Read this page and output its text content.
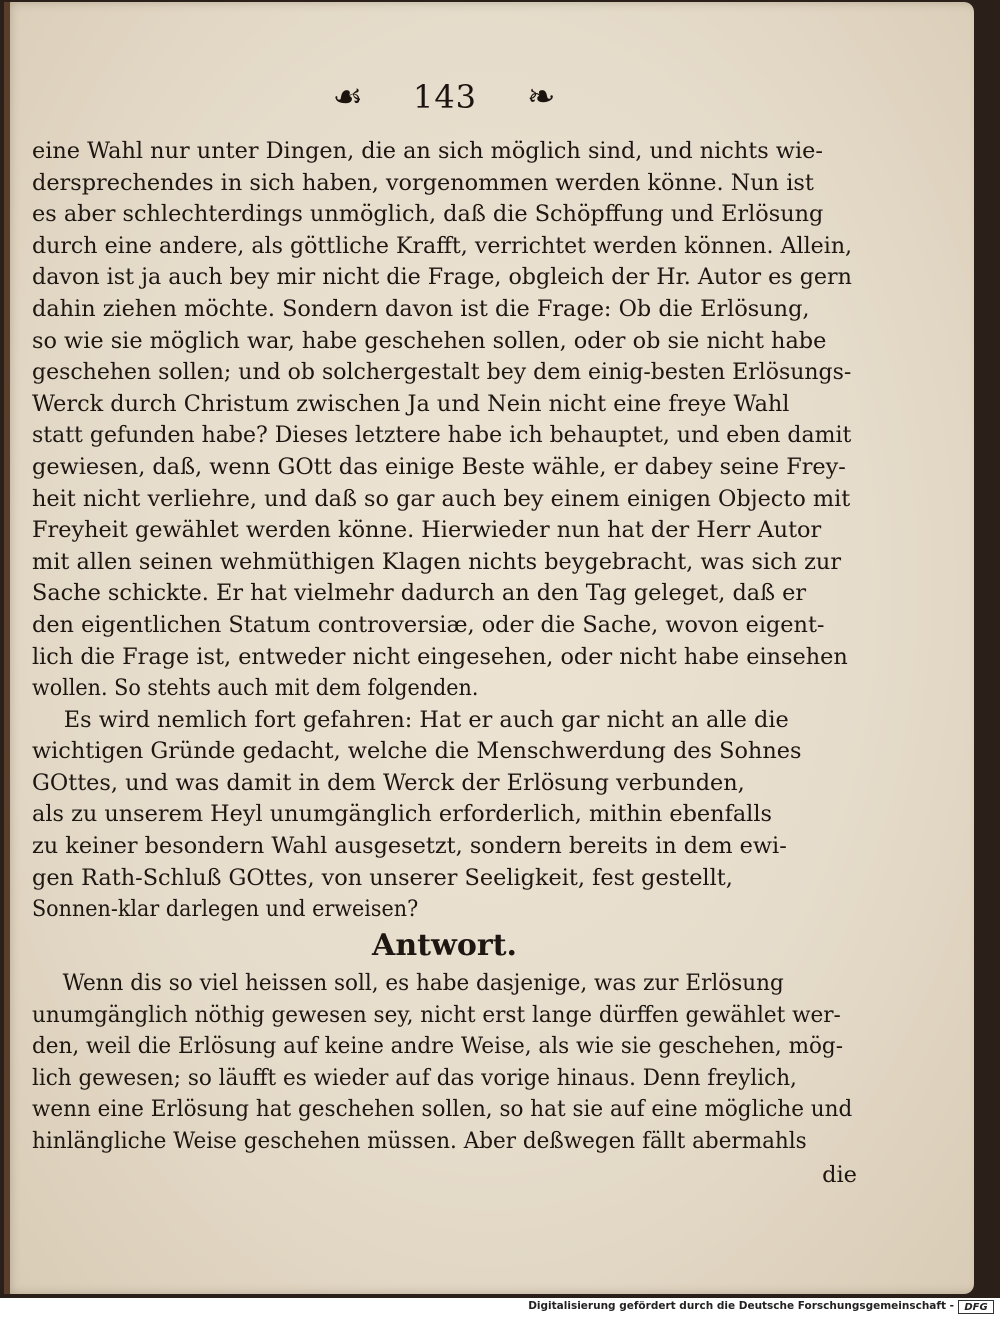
☙ 143 ❧
eine Wahl nur unter Dingen, die an sich möglich sind, und nichts wie-
dersprechendes in sich haben, vorgenommen werden könne. Nun ist
es aber schlechterdings unmöglich, daß die Schöpffung und Erlösung
durch eine andere, als göttliche Krafft, verrichtet werden können. Allein,
davon ist ja auch bey mir nicht die Frage, obgleich der Hr. Autor es gern
dahin ziehen möchte. Sondern davon ist die Frage: Ob die Erlösung,
so wie sie möglich war, habe geschehen sollen, oder ob sie nicht habe
geschehen sollen; und ob solchergestalt bey dem einig-besten Erlösungs-
Werck durch Christum zwischen Ja und Nein nicht eine freye Wahl
statt gefunden habe? Dieses letztere habe ich behauptet, und eben damit
gewiesen, daß, wenn GOtt das einige Beste wähle, er dabey seine Frey-
heit nicht verliehre, und daß so gar auch bey einem einigen Objecto mit
Freyheit gewählet werden könne. Hierwieder nun hat der Herr Autor
mit allen seinen wehmüthigen Klagen nichts beygebracht, was sich zur
Sache schickte. Er hat vielmehr dadurch an den Tag geleget, daß er
den eigentlichen Statum controversiæ, oder die Sache, wovon eigent-
lich die Frage ist, entweder nicht eingesehen, oder nicht habe einsehen
wollen. So stehts auch mit dem folgenden.
Es wird nemlich fort gefahren: Hat er auch gar nicht an alle die
wichtigen Gründe gedacht, welche die Menschwerdung des Sohnes
GOttes, und was damit in dem Werck der Erlösung verbunden,
als zu unserem Heyl unumgänglich erforderlich, mithin ebenfalls
zu keiner besondern Wahl ausgesetzt, sondern bereits in dem ewi-
gen Rath-Schluß GOttes, von unserer Seeligkeit, fest gestellt,
Sonnen-klar darlegen und erweisen?
Antwort.
Wenn dis so viel heissen soll, es habe dasjenige, was zur Erlösung
unumgänglich nöthig gewesen sey, nicht erst lange dürffen gewählet wer-
den, weil die Erlösung auf keine andre Weise, als wie sie geschehen, mög-
lich gewesen; so läufft es wieder auf das vorige hinaus. Denn freylich,
wenn eine Erlösung hat geschehen sollen, so hat sie auf eine mögliche und
hinlängliche Weise geschehen müssen. Aber deßwegen fällt abermahls
die
Digitalisierung gefördert durch die Deutsche Forschungsgemeinschaft -	DFG
